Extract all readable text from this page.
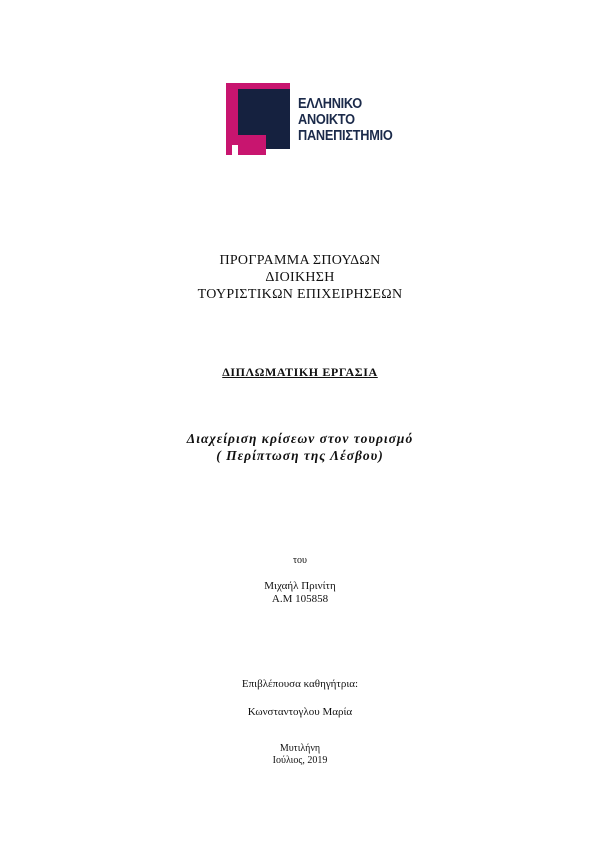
ΕΛΛΗΝΙΚΟ
ΑΝΟΙΚΤΟ
ΠΑΝΕΠΙΣΤΗΜΙΟ
ΠΡΟΓΡΑΜΜΑ ΣΠΟΥΔΩΝ
ΔΙΟΙΚΗΣΗ
ΤΟΥΡΙΣΤΙΚΩΝ ΕΠΙΧΕΙΡΗΣΕΩΝ
ΔΙΠΛΩΜΑΤΙΚΗ ΕΡΓΑΣΙΑ
Διαχείριση κρίσεων στον τουρισμό
( Περίπτωση της Λέσβου)
του
Μιχαήλ Πρινίτη
Α.Μ 105858
Επιβλέπουσα καθηγήτρια:
Κωνσταντογλου Μαρία
Μυτιλήνη
Ιούλιος, 2019
